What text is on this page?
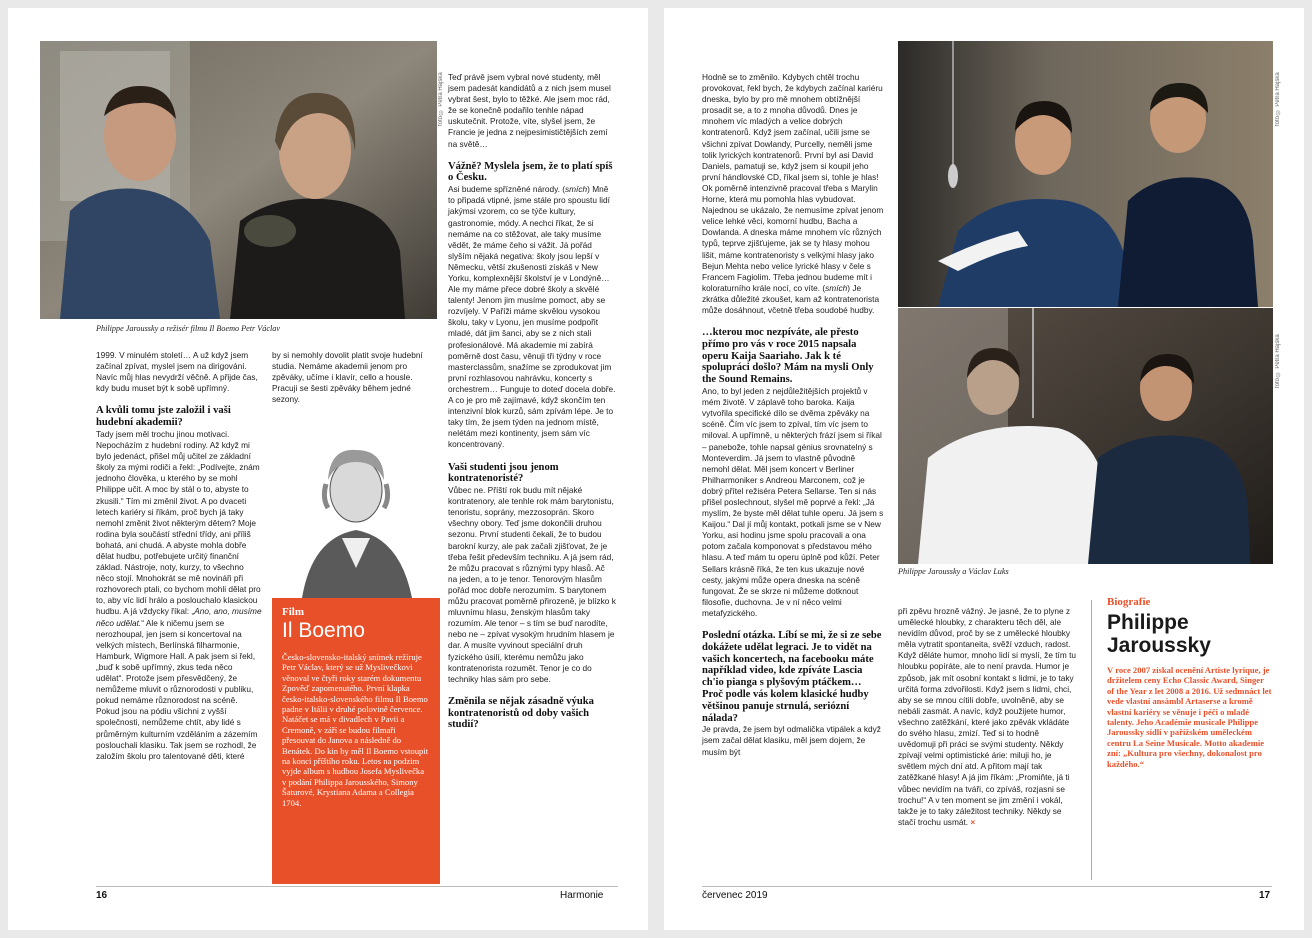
foto © Petra Hajská
Philippe Jaroussky a režisér filmu Il Boemo Petr Václav

1999. V minulém století… A už když jsem začínal zpívat, myslel jsem na dirigování. Navíc můj hlas nevydrží věčně. A přijde čas, kdy budu muset být k sobě upřímný.

A kvůli tomu jste založil i vaši hudební akademii?

Tady jsem měl trochu jinou motivaci. Nepocházím z hudební rodiny. Až když mi bylo jedenáct, přišel můj učitel ze základní školy za mými rodiči a řekl: „Podívejte, znám jednoho člověka, u kterého by se mohl Philippe učit. A moc by stál o to, abyste to zkusili.“ Tím mi změnil život. A po dvaceti letech kariéry si říkám, proč bych já taky nemohl změnit život některým dětem? Moje rodina byla součástí střední třídy, ani příliš bohatá, ani chudá. A abyste mohla dobře dělat hudbu, potřebujete určitý finanční základ. Nástroje, noty, kurzy, to všechno něco stojí. Mnohokrát se mě novináři při rozhovorech ptali, co bychom mohli dělat pro to, aby víc lidí hrálo a poslouchalo klasickou hudbu. A já vždycky říkal: „Ano, ano, musíme něco udělat.“ Ale k ničemu jsem se nerozhoupal, jen jsem si koncertoval na velkých místech, Berlínská filharmonie, Hamburk, Wigmore Hall. A pak jsem si řekl, „buď k sobě upřímný, zkus teda něco udělat“. Protože jsem přesvědčený, že nemůžeme mluvit o různorodosti v publiku, pokud nemáme různorodost na scéně. Pokud jsou na pódiu všichni z vyšší společnosti, nemůžeme chtít, aby lidé s průměrným kulturním vzděláním a zázemím poslouchali klasiku. Tak jsem se rozhodl, že založím školu pro talentované děti, které

by si nemohly dovolit platit svoje hudební studia. Nemáme akademii jenom pro zpěváky, učíme i klavír, cello a housle. Pracuji se šesti zpěváky během jedné sezony.

Film

Il Boemo

Česko-slovensko-italský snímek režíruje Petr Václav, který se už Myslivečkovi věnoval ve čtyři roky starém dokumentu Zpověď zapomenutého. První klapka česko-italsko-slovenského filmu Il Boemo padne v Itálii v druhé polovině července. Natáčet se má v divadlech v Pavii a Cremoně, v září se budou filmaři přesouvat do Janova a následně do Benátek. Do kin by měl Il Boemo vstoupit na konci příštího roku. Letos na podzim vyjde album s hudbou Josefa Myslivečka v podání Philippa Jarousského, Simony Šaturové, Krystiana Adama a Collegia 1704.

Teď právě jsem vybral nové studenty, měl jsem padesát kandidátů a z nich jsem musel vybrat šest, bylo to těžké. Ale jsem moc rád, že se konečně podařilo tenhle nápad uskutečnit. Protože, víte, slyšel jsem, že Francie je jedna z nejpesimističtějších zemí na světě…

Vážně? Myslela jsem, že to platí spíš o Česku.

Asi budeme spřízněné národy. (smích) Mně to připadá vtipné, jsme stále pro spoustu lidí jakýmsi vzorem, co se týče kultury, gastronomie, módy. A nechci říkat, že si nemáme na co stěžovat, ale taky musíme vědět, že máme čeho si vážit. Já pořád slyším nějaká negativa: školy jsou lepší v Německu, větší zkušenosti získáš v New Yorku, komplexnější školství je v Londýně… Ale my máme přece dobré školy a skvělé talenty! Jenom jim musíme pomoct, aby se rozvíjely. V Paříži máme skvělou vysokou školu, taky v Lyonu, jen musíme podpořit mladé, dát jim šanci, aby se z nich stali profesionálové. Má akademie mi zabírá poměrně dost času, věnuji tři týdny v roce masterclassům, snažíme se zprodukovat jim první rozhlasovou nahrávku, koncerty s orchestrem… Funguje to doteď docela dobře. A co je pro mě zajímavé, když skončím ten intenzivní blok kurzů, sám zpívám lépe. Je to taky tím, že jsem týden na jednom místě, nelétám mezi kontinenty, jsem sám víc koncentrovaný.

Vaši studenti jsou jenom kontratenoristé?

Vůbec ne. Příští rok budu mít nějaké kontratenory, ale tenhle rok mám barytonistu, tenoristu, soprány, mezzosoprán. Skoro všechny obory. Teď jsme dokončili druhou sezonu. První studenti čekali, že to budou barokní kurzy, ale pak začali zjišťovat, že je třeba řešit především techniku. A já jsem rád, že můžu pracovat s různými typy hlasů. Ač na jeden, a to je tenor. Tenorovým hlasům pořád moc dobře nerozumím. S barytonem můžu pracovat poměrně přirozeně, je blízko k mluvnímu hlasu, ženským hlasům taky rozumím. Ale tenor – s tím se buď narodíte, nebo ne – zpívat vysokým hrudním hlasem je dar. A musíte vyvinout speciální druh fyzického úsilí, kterému nemůžu jako kontratenorista rozumět. Tenor je co do techniky hlas sám pro sebe.

Změnila se nějak zásadně výuka kontratenoristů od doby vašich studií?

16	Harmonie

Hodně se to změnilo. Kdybych chtěl trochu provokovat, řekl bych, že kdybych začínal kariéru dneska, bylo by pro mě mnohem obtížnější prosadit se, a to z mnoha důvodů. Dnes je mnohem víc mladých a velice dobrých kontratenorů. Když jsem začínal, učili jsme se všichni zpívat Dowlandy, Purcelly, neměli jsme tolik lyrických kontratenorů. První byl asi David Daniels, pamatuji se, když jsem si koupil jeho první hándlovské CD, říkal jsem si, tohle je hlas! Ok poměrně intenzivně pracoval třeba s Marylin Horne, která mu pomohla hlas vybudovat. Najednou se ukázalo, že nemusíme zpívat jenom velice lehké věci, komorní hudbu, Bacha a Dowlanda. A dneska máme mnohem víc různých typů, teprve zjišťujeme, jak se ty hlasy mohou lišit, máme kontratenoristy s velkými hlasy jako Bejun Mehta nebo velice lyrické hlasy v čele s Francem Fagiolim. Třeba jednou budeme mít i koloraturního krále nocí, co víte. (smích) Je zkrátka důležité zkoušet, kam až kontratenorista může dosáhnout, včetně třeba soudobé hudby.

…kterou moc nezpíváte, ale přesto přímo pro vás v roce 2015 napsala operu Kaija Saariaho. Jak k té spolupráci došlo? Mám na mysli Only the Sound Remains.

Ano, to byl jeden z nejdůležitějších projektů v mém životě. V záplavě toho baroka. Kaija vytvořila specifické dílo se dvěma zpěváky na scéně. Čím víc jsem to zpíval, tím víc jsem to miloval. A upřímně, u některých frází jsem si říkal – panebože, tohle napsal génius srovnatelný s Monteverdim. Já jsem to vlastně původně nemohl dělat. Měl jsem koncert v Berliner Philharmoniker s Andreou Marconem, což je dobrý přítel režiséra Petera Sellarse. Ten si nás přišel poslechnout, slyšel mě poprvé a řekl: „Já myslím, že byste měl dělat tuhle operu. Já jsem s Kaijou.“ Dal jí můj kontakt, potkali jsme se v New Yorku, asi hodinu jsme spolu pracovali a ona potom začala komponovat s představou mého hlasu. A teď mám tu operu úplně pod kůží. Peter Sellars krásně říká, že ten kus ukazuje nové cesty, jakými může opera dneska na scéně fungovat. Že se skrze ni můžeme dotknout filosofie, duchovna. Je v ní něco velmi metafyzického.

Poslední otázka. Líbí se mi, že si ze sebe dokážete udělat legraci. Je to vidět na vašich koncertech, na facebooku máte například video, kde zpíváte Lascia ch'io pianga s plyšovým ptáčkem… Proč podle vás kolem klasické hudby většinou panuje strnulá, seriózní nálada?

Je pravda, že jsem byl odmalička vtipálek a když jsem začal dělat klasiku, měl jsem dojem, že musím být

foto © Petra Hajská
foto © Petra Hajská
Philippe Jaroussky a Václav Luks

při zpěvu hrozně vážný. Je jasné, že to plyne z umělecké hloubky, z charakteru těch děl, ale nevidím důvod, proč by se z umělecké hloubky měla vytratit spontaneita, svěží vzduch, radost. Když děláte humor, mnoho lidí si myslí, že tím tu hloubku popíráte, ale to není pravda. Humor je způsob, jak mít osobní kontakt s lidmi, je to taky určitá forma zdvořilosti. Když jsem s lidmi, chci, aby se se mnou cítili dobře, uvolněně, aby se nebáli zasmát. A navíc, když použijete humor, všechno zatěžkání, které jako zpěvák vkládáte do svého hlasu, zmizí. Teď si to hodně uvědomuji při práci se svými studenty. Někdy zpívají velmi optimistické árie: miluji ho, je světlem mých dní atd. A přitom mají tak zatěžkané hlasy! A já jim říkám: „Promiňte, já ti vůbec nevidím na tváři, co zpíváš, rozjasni se trochu!“ A v ten moment se jim změní i vokál, takže je to taky záležitost techniky. Někdy se stačí trochu usmát. ×

Biografie

Philippe
Jaroussky

V roce 2007 získal ocenění Artiste lyrique, je držitelem ceny Echo Classic Award, Singer of the Year z let 2008 a 2016. Už sedmnáct let vede vlastní ansámbl Artaserse a kromě vlastní kariéry se věnuje i péči o mladé talenty. Jeho Académie musicale Philippe Jaroussky sídlí v pařížském uměleckém centru La Seine Musicale. Motto akademie zní: „Kultura pro všechny, dokonalost pro každého.“

červenec 2019	17
